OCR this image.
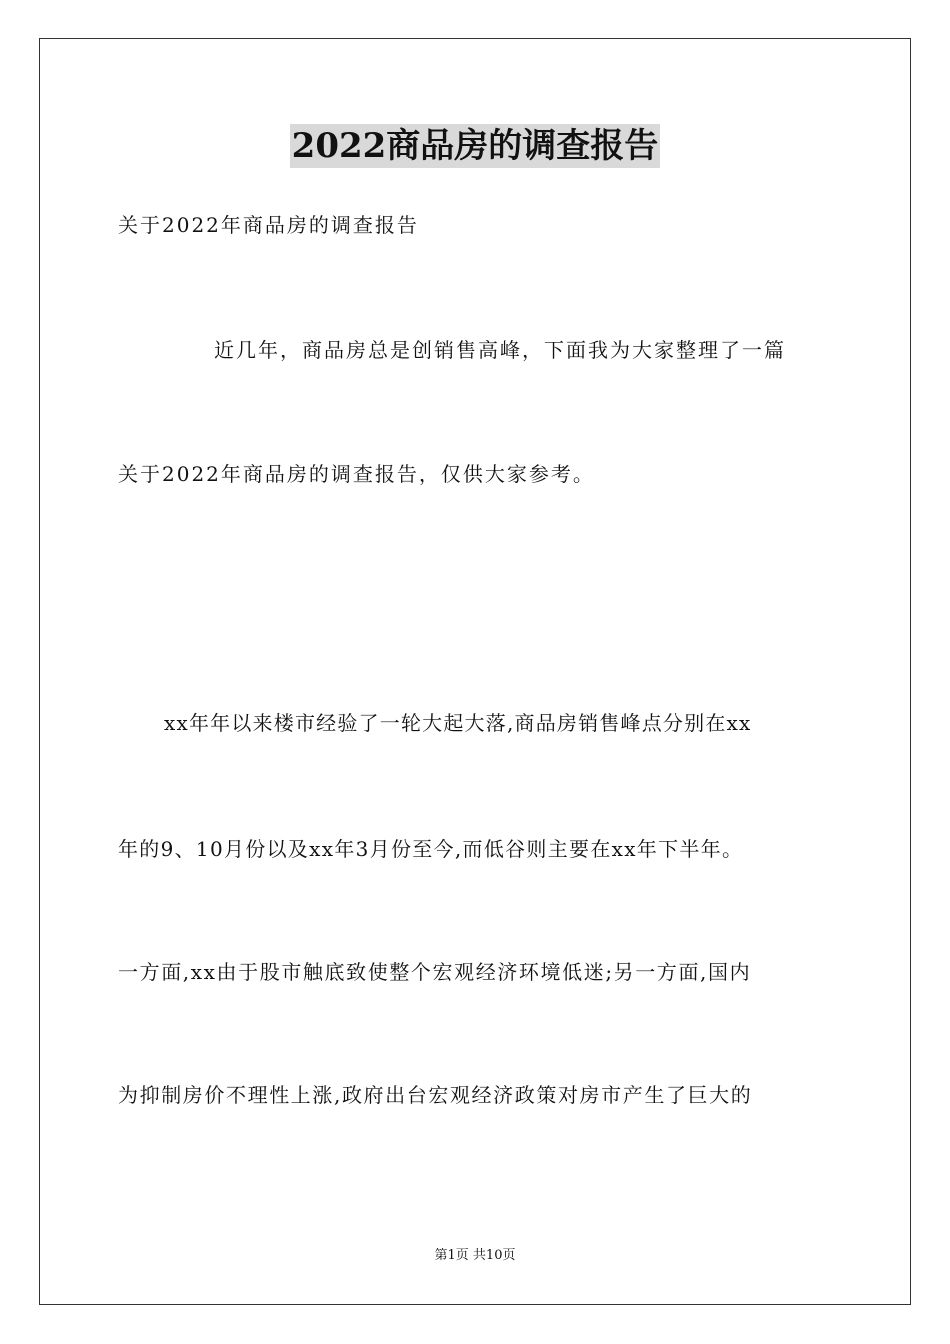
2022商品房的调查报告
关于2022年商品房的调查报告
近几年，商品房总是创销售高峰，下面我为大家整理了一篇
关于2022年商品房的调查报告，仅供大家参考。
xx年年以来楼市经验了一轮大起大落,商品房销售峰点分别在xx
年的9、10月份以及xx年3月份至今,而低谷则主要在xx年下半年。
一方面,xx由于股市触底致使整个宏观经济环境低迷;另一方面,国内
为抑制房价不理性上涨,政府出台宏观经济政策对房市产生了巨大的
第1页 共10页
